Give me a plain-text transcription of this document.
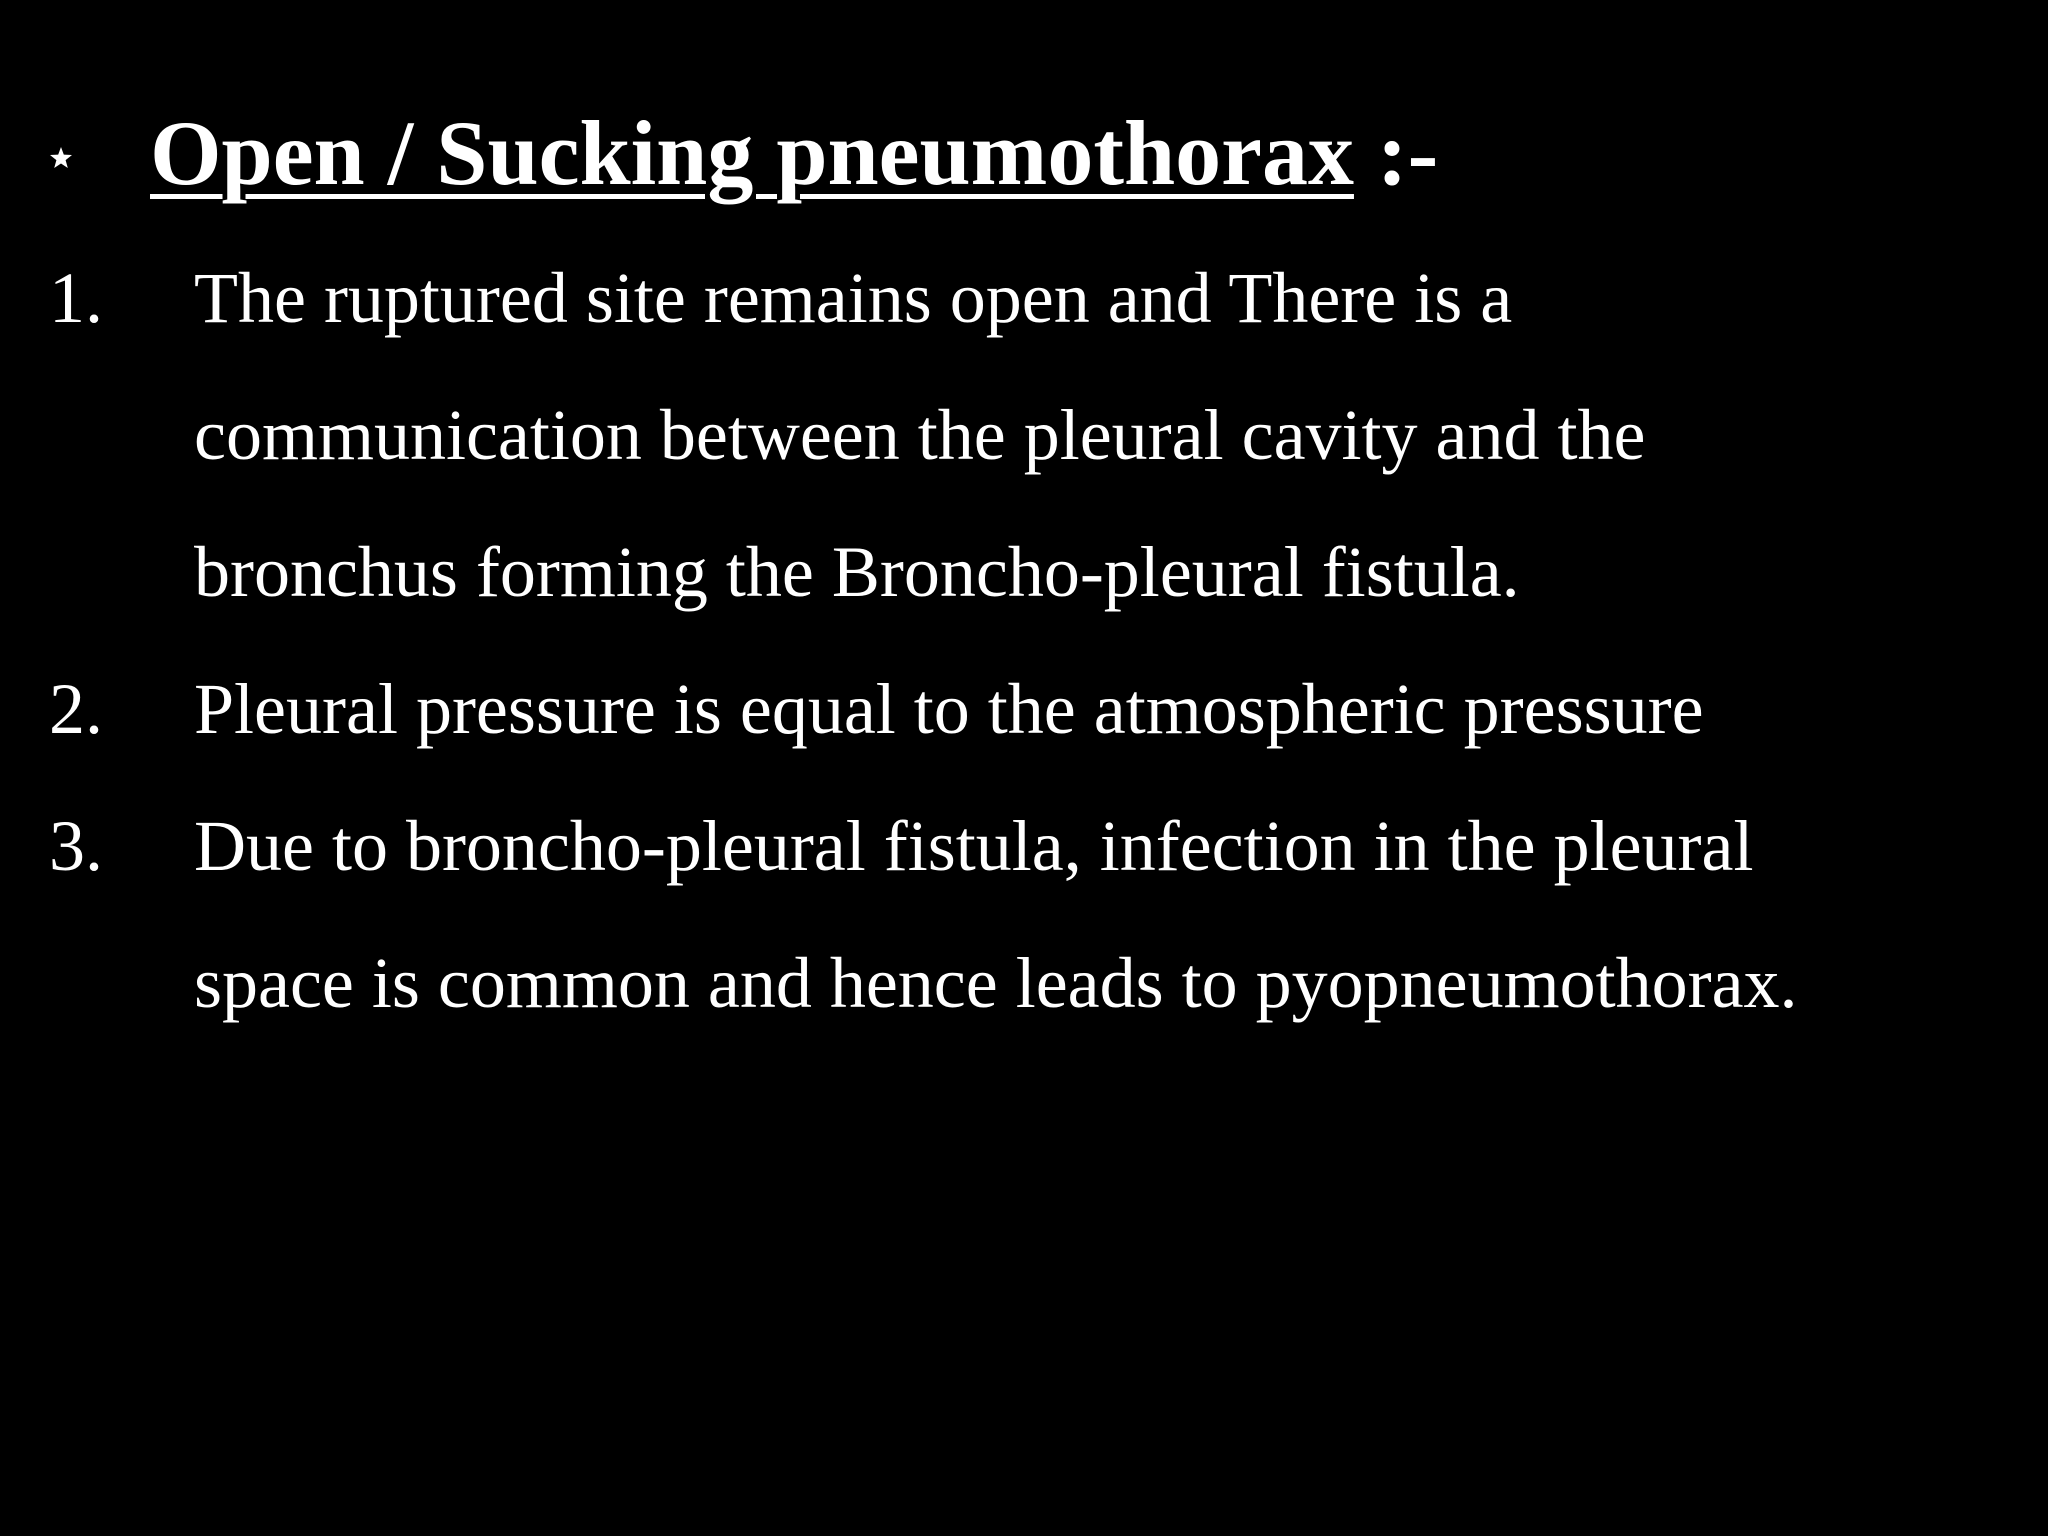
Open / Sucking pneumothorax :-
1. The ruptured site remains open and There is a
communication between the pleural cavity and the
bronchus forming the Broncho-pleural fistula.
2. Pleural pressure is equal to the atmospheric pressure
3. Due to broncho-pleural fistula, infection in the pleural
space is common and hence leads to pyopneumothorax.
